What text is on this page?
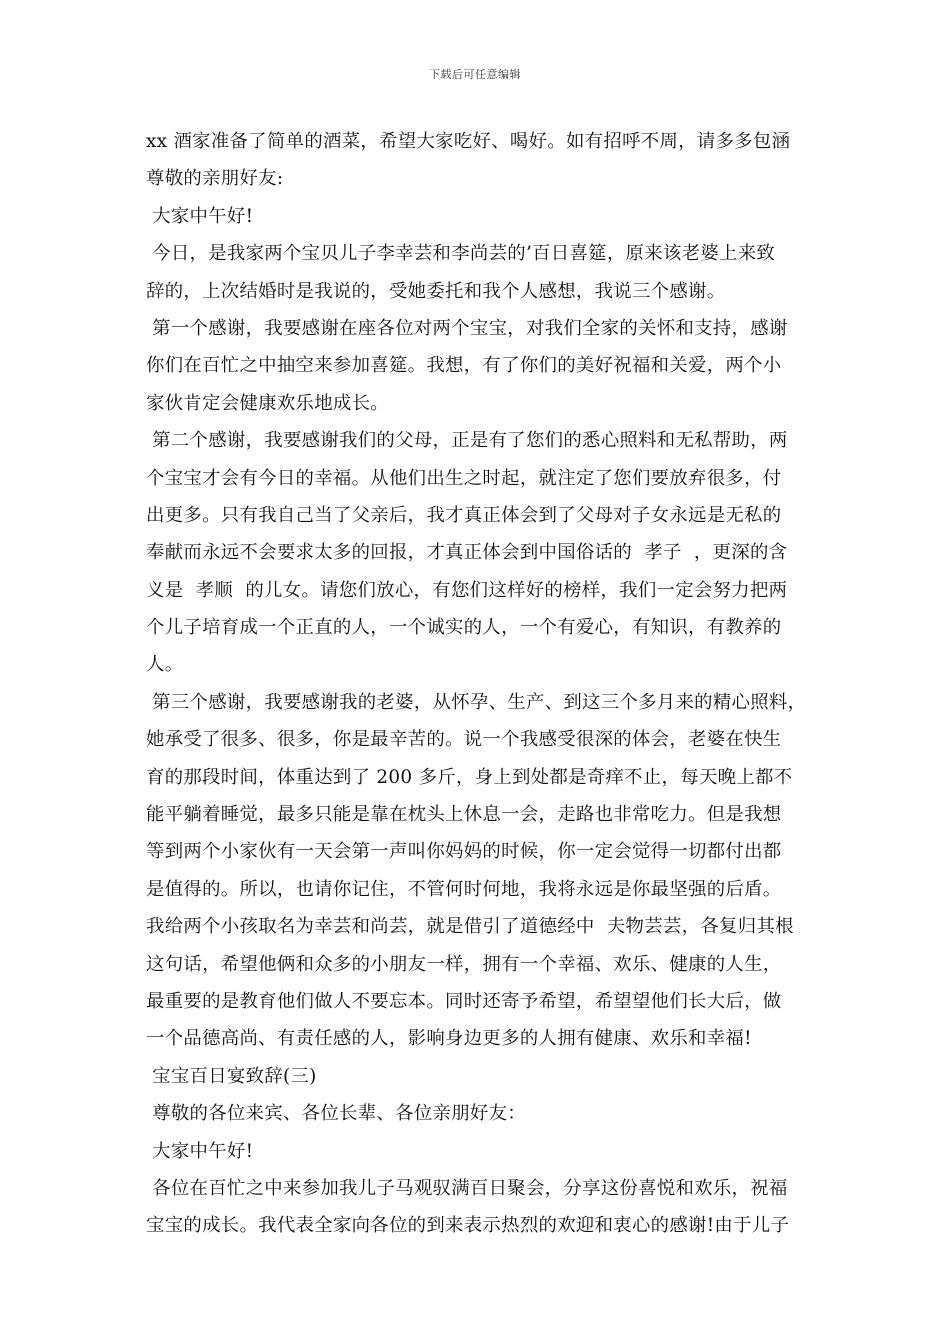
下载后可任意编辑
xx 酒家准备了简单的酒菜，希望大家吃好、喝好。如有招呼不周，请多多包涵
尊敬的亲朋好友:
大家中午好!
今日，是我家两个宝贝儿子李幸芸和李尚芸的’百日喜筵，原来该老婆上来致
辞的，上次结婚时是我说的，受她委托和我个人感想，我说三个感谢。
第一个感谢，我要感谢在座各位对两个宝宝，对我们全家的关怀和支持，感谢
你们在百忙之中抽空来参加喜筵。我想，有了你们的美好祝福和关爱，两个小
家伙肯定会健康欢乐地成长。
第二个感谢，我要感谢我们的父母，正是有了您们的悉心照料和无私帮助，两
个宝宝才会有今日的幸福。从他们出生之时起，就注定了您们要放弃很多，付
出更多。只有我自己当了父亲后，我才真正体会到了父母对子女永远是无私的
奉献而永远不会要求太多的回报，才真正体会到中国俗话的  孝子  ，更深的含
义是  孝顺  的儿女。请您们放心，有您们这样好的榜样，我们一定会努力把两
个儿子培育成一个正直的人，一个诚实的人，一个有爱心，有知识，有教养的
人。
第三个感谢，我要感谢我的老婆，从怀孕、生产、到这三个多月来的精心照料，
她承受了很多、很多，你是最辛苦的。说一个我感受很深的体会，老婆在快生
育的那段时间，体重达到了 200 多斤，身上到处都是奇痒不止，每天晚上都不
能平躺着睡觉，最多只能是靠在枕头上休息一会，走路也非常吃力。但是我想
等到两个小家伙有一天会第一声叫你妈妈的时候，你一定会觉得一切都付出都
是值得的。所以，也请你记住，不管何时何地，我将永远是你最坚强的后盾。
我给两个小孩取名为幸芸和尚芸，就是借引了道德经中  夫物芸芸，各复归其根
这句话，希望他俩和众多的小朋友一样，拥有一个幸福、欢乐、健康的人生，
最重要的是教育他们做人不要忘本。同时还寄予希望，希望望他们长大后，做
一个品德高尚、有责任感的人，影响身边更多的人拥有健康、欢乐和幸福!
宝宝百日宴致辞(三)
尊敬的各位来宾、各位长辈、各位亲朋好友：
大家中午好!
各位在百忙之中来参加我儿子马观驭满百日聚会，分享这份喜悦和欢乐，祝福
宝宝的成长。我代表全家向各位的到来表示热烈的欢迎和衷心的感谢!由于儿子
